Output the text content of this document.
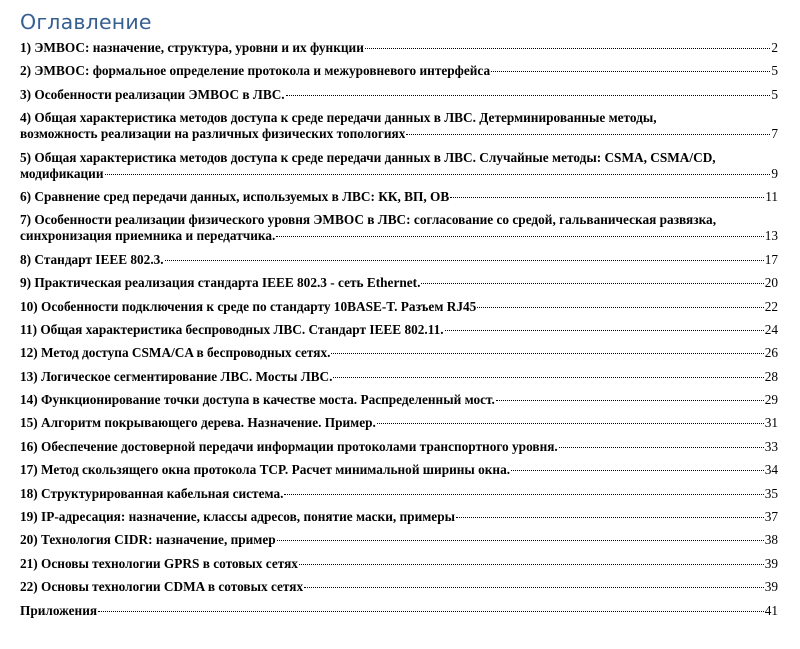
Оглавление
1) ЭМВОС: назначение, структура, уровни и их функции	2
2) ЭМВОС: формальное определение протокола и межуровневого интерфейса	5
3) Особенности реализации ЭМВОС в ЛВС.	5
4) Общая характеристика методов доступа к среде передачи данных в ЛВС. Детерминированные методы,
возможность реализации на различных физических топологиях	7
5) Общая характеристика методов доступа к среде передачи данных в ЛВС. Случайные методы: CSMA, CSMA/CD,
модификации	9
6) Сравнение сред передачи данных, используемых в ЛВС: КК, ВП, ОВ	11
7) Особенности реализации физического уровня ЭМВОС в ЛВС: согласование со средой, гальваническая развязка,
синхронизация приемника и передатчика.	13
8) Стандарт IEEE 802.3.	17
9) Практическая реализация стандарта IEEE 802.3 - сеть Ethernet.	20
10) Особенности подключения к среде по стандарту 10BASE-T. Разъем RJ45	22
11) Общая характеристика беспроводных ЛВС. Стандарт IEEE 802.11.	24
12) Метод доступа CSMA/CA в беспроводных сетях.	26
13) Логическое сегментирование ЛВС. Мосты ЛВС.	28
14) Функционирование точки доступа в качестве моста. Распределенный мост.	29
15) Алгоритм покрывающего дерева. Назначение. Пример.	31
16) Обеспечение достоверной передачи информации протоколами транспортного уровня.	33
17) Метод скользящего окна протокола TCP. Расчет минимальной ширины окна.	34
18) Структурированная кабельная система.	35
19) IP-адресация: назначение, классы адресов, понятие маски, примеры	37
20) Технология CIDR: назначение, пример	38
21) Основы технологии GPRS в сотовых сетях	39
22) Основы технологии CDMA в сотовых сетях	39
Приложения	41
